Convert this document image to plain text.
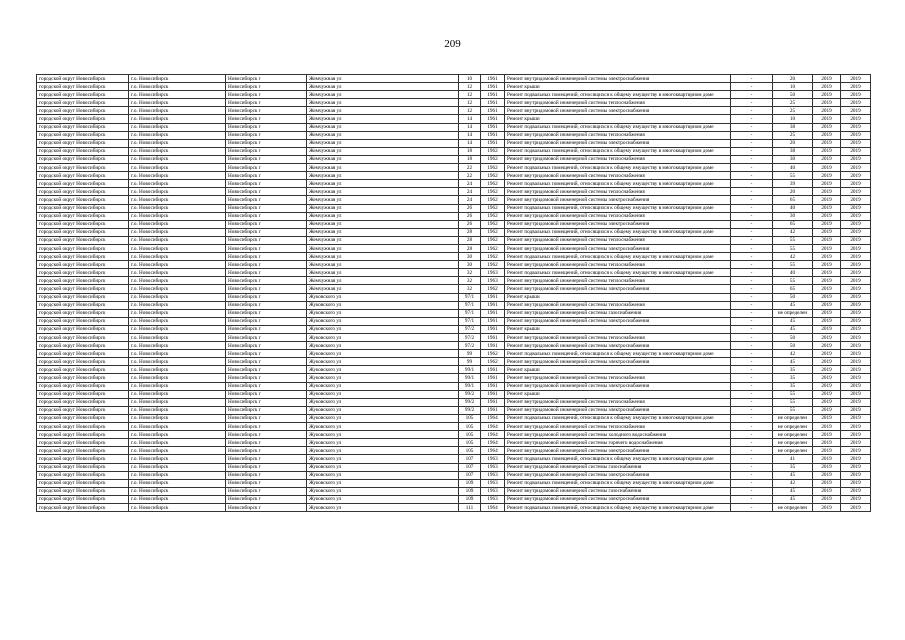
209
городской округ Новосибирск	г.о. Новосибирск	Новосибирск г	Жемчужная ул	10	1961	Ремонт внутридомовой инженерной системы электроснабжения	-	20	2019	2019
городской округ Новосибирск	г.о. Новосибирск	Новосибирск г	Жемчужная ул	12	1961	Ремонт крыши	-	10	2019	2019
городской округ Новосибирск	г.о. Новосибирск	Новосибирск г	Жемчужная ул	12	1961	Ремонт подвальных помещений, относящихся к общему имуществу в многоквартирном доме	-	50	2019	2019
городской округ Новосибирск	г.о. Новосибирск	Новосибирск г	Жемчужная ул	12	1961	Ремонт внутридомовой инженерной системы теплоснабжения	-	25	2019	2019
городской округ Новосибирск	г.о. Новосибирск	Новосибирск г	Жемчужная ул	12	1961	Ремонт внутридомовой инженерной системы электроснабжения	-	25	2019	2019
городской округ Новосибирск	г.о. Новосибирск	Новосибирск г	Жемчужная ул	14	1961	Ремонт крыши	-	10	2019	2019
городской округ Новосибирск	г.о. Новосибирск	Новосибирск г	Жемчужная ул	14	1961	Ремонт подвальных помещений, относящихся к общему имуществу в многоквартирном доме	-	38	2019	2019
городской округ Новосибирск	г.о. Новосибирск	Новосибирск г	Жемчужная ул	14	1961	Ремонт внутридомовой инженерной системы теплоснабжения	-	25	2019	2019
городской округ Новосибирск	г.о. Новосибирск	Новосибирск г	Жемчужная ул	14	1961	Ремонт внутридомовой инженерной системы электроснабжения	-	20	2019	2019
городской округ Новосибирск	г.о. Новосибирск	Новосибирск г	Жемчужная ул	18	1962	Ремонт подвальных помещений, относящихся к общему имуществу в многоквартирном доме	-	38	2019	2019
городской округ Новосибирск	г.о. Новосибирск	Новосибирск г	Жемчужная ул	18	1962	Ремонт внутридомовой инженерной системы теплоснабжения	-	30	2019	2019
городской округ Новосибирск	г.о. Новосибирск	Новосибирск г	Жемчужная ул	22	1962	Ремонт подвальных помещений, относящихся к общему имуществу в многоквартирном доме	-	40	2019	2019
городской округ Новосибирск	г.о. Новосибирск	Новосибирск г	Жемчужная ул	22	1962	Ремонт внутридомовой инженерной системы теплоснабжения	-	55	2019	2019
городской округ Новосибирск	г.о. Новосибирск	Новосибирск г	Жемчужная ул	24	1962	Ремонт подвальных помещений, относящихся к общему имуществу в многоквартирном доме	-	39	2019	2019
городской округ Новосибирск	г.о. Новосибирск	Новосибирск г	Жемчужная ул	24	1962	Ремонт внутридомовой инженерной системы теплоснабжения	-	20	2019	2019
городской округ Новосибирск	г.о. Новосибирск	Новосибирск г	Жемчужная ул	24	1962	Ремонт внутридомовой инженерной системы электроснабжения	-	65	2019	2019
городской округ Новосибирск	г.о. Новосибирск	Новосибирск г	Жемчужная ул	26	1962	Ремонт подвальных помещений, относящихся к общему имуществу в многоквартирном доме	-	40	2019	2019
городской округ Новосибирск	г.о. Новосибирск	Новосибирск г	Жемчужная ул	26	1962	Ремонт внутридомовой инженерной системы теплоснабжения	-	30	2019	2019
городской округ Новосибирск	г.о. Новосибирск	Новосибирск г	Жемчужная ул	26	1962	Ремонт внутридомовой инженерной системы электроснабжения	-	65	2019	2019
городской округ Новосибирск	г.о. Новосибирск	Новосибирск г	Жемчужная ул	28	1962	Ремонт подвальных помещений, относящихся к общему имуществу в многоквартирном доме	-	42	2019	2019
городской округ Новосибирск	г.о. Новосибирск	Новосибирск г	Жемчужная ул	28	1962	Ремонт внутридомовой инженерной системы теплоснабжения	-	55	2019	2019
городской округ Новосибирск	г.о. Новосибирск	Новосибирск г	Жемчужная ул	28	1962	Ремонт внутридомовой инженерной системы электроснабжения	-	55	2019	2019
городской округ Новосибирск	г.о. Новосибирск	Новосибирск г	Жемчужная ул	30	1962	Ремонт подвальных помещений, относящихся к общему имуществу в многоквартирном доме	-	42	2019	2019
городской округ Новосибирск	г.о. Новосибирск	Новосибирск г	Жемчужная ул	30	1962	Ремонт внутридомовой инженерной системы теплоснабжения	-	55	2019	2019
городской округ Новосибирск	г.о. Новосибирск	Новосибирск г	Жемчужная ул	32	1963	Ремонт подвальных помещений, относящихся к общему имуществу в многоквартирном доме	-	40	2019	2019
городской округ Новосибирск	г.о. Новосибирск	Новосибирск г	Жемчужная ул	32	1963	Ремонт внутридомовой инженерной системы теплоснабжения	-	55	2019	2019
городской округ Новосибирск	г.о. Новосибирск	Новосибирск г	Жемчужная ул	32	1962	Ремонт внутридомовой инженерной системы электроснабжения	-	65	2019	2019
городской округ Новосибирск	г.о. Новосибирск	Новосибирск г	Жуковского ул	97/1	1961	Ремонт крыши	-	50	2019	2019
городской округ Новосибирск	г.о. Новосибирск	Новосибирск г	Жуковского ул	97/1	1961	Ремонт внутридомовой инженерной системы теплоснабжения	-	45	2019	2019
городской округ Новосибирск	г.о. Новосибирск	Новосибирск г	Жуковского ул	97/1	1961	Ремонт внутридомовой инженерной системы газоснабжения	-	не определен	2019	2019
городской округ Новосибирск	г.о. Новосибирск	Новосибирск г	Жуковского ул	97/1	1961	Ремонт внутридомовой инженерной системы электроснабжения	-	45	2019	2019
городской округ Новосибирск	г.о. Новосибирск	Новосибирск г	Жуковского ул	97/2	1961	Ремонт крыши	-	45	2019	2019
городской округ Новосибирск	г.о. Новосибирск	Новосибирск г	Жуковского ул	97/2	1961	Ремонт внутридомовой инженерной системы теплоснабжения	-	50	2019	2019
городской округ Новосибирск	г.о. Новосибирск	Новосибирск г	Жуковского ул	97/2	1961	Ремонт внутридомовой инженерной системы электроснабжения	-	50	2019	2019
городской округ Новосибирск	г.о. Новосибирск	Новосибирск г	Жуковского ул	99	1962	Ремонт подвальных помещений, относящихся к общему имуществу в многоквартирном доме	-	42	2019	2019
городской округ Новосибирск	г.о. Новосибирск	Новосибирск г	Жуковского ул	99	1962	Ремонт внутридомовой инженерной системы электроснабжения	-	45	2019	2019
городской округ Новосибирск	г.о. Новосибирск	Новосибирск г	Жуковского ул	99/1	1961	Ремонт крыши	-	35	2019	2019
городской округ Новосибирск	г.о. Новосибирск	Новосибирск г	Жуковского ул	99/1	1961	Ремонт внутридомовой инженерной системы теплоснабжения	-	35	2019	2019
городской округ Новосибирск	г.о. Новосибирск	Новосибирск г	Жуковского ул	99/1	1961	Ремонт внутридомовой инженерной системы электроснабжения	-	35	2019	2019
городской округ Новосибирск	г.о. Новосибирск	Новосибирск г	Жуковского ул	99/2	1961	Ремонт крыши	-	55	2019	2019
городской округ Новосибирск	г.о. Новосибирск	Новосибирск г	Жуковского ул	99/2	1961	Ремонт внутридомовой инженерной системы теплоснабжения	-	55	2019	2019
городской округ Новосибирск	г.о. Новосибирск	Новосибирск г	Жуковского ул	99/2	1961	Ремонт внутридомовой инженерной системы электроснабжения	-	55	2019	2019
городской округ Новосибирск	г.о. Новосибирск	Новосибирск г	Жуковского ул	105	1964	Ремонт подвальных помещений, относящихся к общему имуществу в многоквартирном доме	-	не определен	2019	2019
городской округ Новосибирск	г.о. Новосибирск	Новосибирск г	Жуковского ул	105	1964	Ремонт внутридомовой инженерной системы теплоснабжения	-	не определен	2019	2019
городской округ Новосибирск	г.о. Новосибирск	Новосибирск г	Жуковского ул	105	1964	Ремонт внутридомовой инженерной системы холодного водоснабжения	-	не определен	2019	2019
городской округ Новосибирск	г.о. Новосибирск	Новосибирск г	Жуковского ул	105	1964	Ремонт внутридомовой инженерной системы горячего водоснабжения	-	не определен	2019	2019
городской округ Новосибирск	г.о. Новосибирск	Новосибирск г	Жуковского ул	105	1964	Ремонт внутридомовой инженерной системы электроснабжения	-	не определен	2019	2019
городской округ Новосибирск	г.о. Новосибирск	Новосибирск г	Жуковского ул	107	1963	Ремонт подвальных помещений, относящихся к общему имуществу в многоквартирном доме	-	41	2019	2019
городской округ Новосибирск	г.о. Новосибирск	Новосибирск г	Жуковского ул	107	1963	Ремонт внутридомовой инженерной системы газоснабжения	-	35	2019	2019
городской округ Новосибирск	г.о. Новосибирск	Новосибирск г	Жуковского ул	107	1963	Ремонт внутридомовой инженерной системы электроснабжения	-	45	2019	2019
городской округ Новосибирск	г.о. Новосибирск	Новосибирск г	Жуковского ул	109	1963	Ремонт подвальных помещений, относящихся к общему имуществу в многоквартирном доме	-	42	2019	2019
городской округ Новосибирск	г.о. Новосибирск	Новосибирск г	Жуковского ул	109	1963	Ремонт внутридомовой инженерной системы газоснабжения	-	45	2019	2019
городской округ Новосибирск	г.о. Новосибирск	Новосибирск г	Жуковского ул	109	1963	Ремонт внутридомовой инженерной системы электроснабжения	-	45	2019	2019
городской округ Новосибирск	г.о. Новосибирск	Новосибирск г	Жуковского ул	111	1964	Ремонт подвальных помещений, относящихся к общему имуществу в многоквартирном доме	-	не определен	2019	2019
